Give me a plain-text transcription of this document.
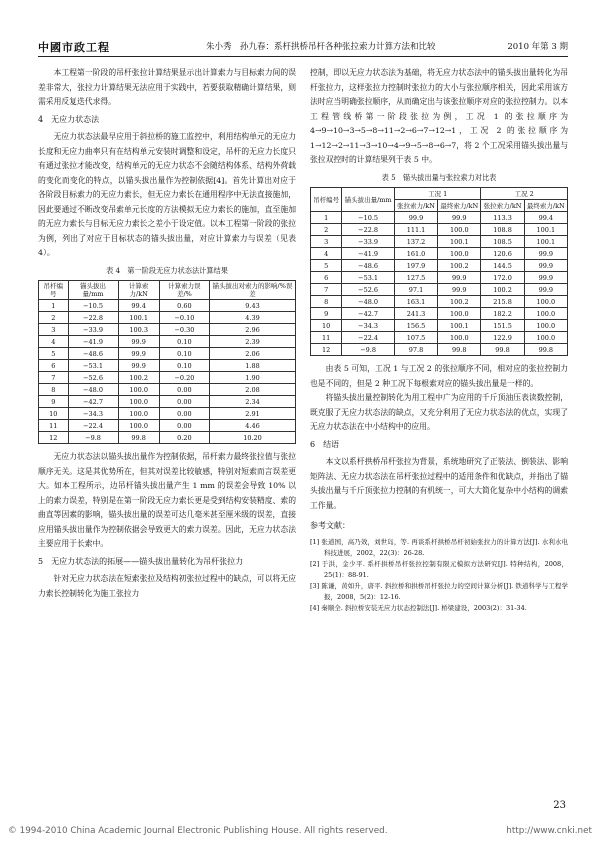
中國市政工程	朱小秀　孙九春：系杆拱桥吊杆各种张拉索力计算方法和比较	2010 年第 3 期

本工程第一阶段的吊杆张拉计算结果显示出计算索力与目标索力间的误差非常大，张拉力计算结果无法应用于实践中，若要获取精确计算结果，则需采用反复迭代求得。

4　无应力状态法

无应力状态法最早应用于斜拉桥的施工监控中，利用结构单元的无应力长度和无应力曲率只有在结构单元安装时调整和设定，吊杆的无应力长度只有通过张拉才能改变，结构单元的无应力状态不会随结构体系、结构外荷载的变化而变化的特点，以锚头拔出量作为控制依据[4]。首先计算出对应于各阶段目标索力的无应力索长，但无应力索长在通用程序中无法直接施加，因此要通过不断改变吊索单元长度的方法模拟无应力索长的施加，直至施加的无应力索长与目标无应力索长之差小于设定值。以本工程第一阶段的张拉为例，列出了对应于目标状态的锚头拔出量，对应计算索力与误差（见表4）。

表 4　第一阶段无应力状态法计算结果
吊杆编号	锚头拔出量/mm	计算索力/kN	计算索力误差/%	锚头拔出对索力的影响/%误差
1	−10.5	99.4	0.60	9.43
2	−22.8	100.1	−0.10	4.39
3	−33.9	100.3	−0.30	2.96
4	−41.9	99.9	0.10	2.39
5	−48.6	99.9	0.10	2.06
6	−53.1	99.9	0.10	1.88
7	−52.6	100.2	−0.20	1.90
8	−48.0	100.0	0.00	2.08
9	−42.7	100.0	0.00	2.34
10	−34.3	100.0	0.00	2.91
11	−22.4	100.0	0.00	4.46
12	−9.8	99.8	0.20	10.20

无应力状态法以锚头拔出量作为控制依据，吊杆索力最终张拉值与张拉顺序无关。这是其优势所在，但其对误差比较敏感，特别对短索而言误差更大。如本工程所示，边吊杆锚头拔出量产生 1 mm 的误差会导致 10% 以上的索力误差，特别是在第一阶段无应力索长更是受到结构安装精度、索的曲直等因素的影响，锚头拔出量的误差可达几毫米甚至厘米级的误差，直接应用锚头拔出量作为控制依据会导致更大的索力误差。因此，无应力状态法主要应用于长索中。

5　无应力状态法的拓展——锚头拔出量转化为吊杆张拉力

针对无应力状态法在短索张拉及结构初张拉过程中的缺点，可以将无应力索长控制转化为施工张拉力

控制，即以无应力状态法为基础，将无应力状态法中的锚头拔出量转化为吊杆张拉力，这样张拉力控制时张拉力的大小与张拉顺序相关，因此采用该方法时应当明确张拉顺序，从而确定出与该张拉顺序对应的张拉控制力。以本工程管线桥第一阶段张拉为例，工况 1 的张拉顺序为 4→9→10→3→5→8→11→2→6→7→12→1，工况 2 的张拉顺序为 1→12→2→11→3→10→4→9→5→8→6→7，将 2 个工况采用锚头拔出量与张拉双控时的计算结果列于表 5 中。

表 5　锚头拔出量与张拉索力对比表
吊杆编号	锚头拔出量/mm	工况 1		工况 2	
		张拉索力/kN	最终索力/kN	张拉索力/kN	最终索力/kN
1	−10.5	99.9	99.9	113.3	99.4
2	−22.8	111.1	100.0	108.8	100.1
3	−33.9	137.2	100.1	108.5	100.1
4	−41.9	161.0	100.0	120.6	99.9
5	−48.6	197.9	100.2	144.5	99.9
6	−53.1	127.5	99.9	172.0	99.9
7	−52.6	97.1	99.9	100.2	99.9
8	−48.0	163.1	100.2	215.8	100.0
9	−42.7	241.3	100.0	182.2	100.0
10	−34.3	156.5	100.1	151.5	100.0
11	−22.4	107.5	100.0	122.9	100.0
12	−9.8	97.8	99.8	99.8	99.8

由表 5 可知，工况 1 与工况 2 的张拉顺序不同，相对应的张拉控制力也是不同的，但是 2 种工况下每根索对应的锚头拔出量是一样的。

将锚头拔出量控制转化为用工程中广为应用的千斤顶油压表读数控制，既克服了无应力状态法的缺点，又充分利用了无应力状态法的优点，实现了无应力状态法在中小结构中的应用。

6　结语

本文以系杆拱桥吊杆张拉为背景，系统地研究了正装法、倒装法、影响矩阵法、无应力状态法在吊杆张拉过程中的适用条件和优缺点，并指出了锚头拔出量与千斤顶张拉力控制的有机统一，可大大简化复杂中小结构的调索工作量。

参考文献：
[1] 张道国，高乃效，刘世岛，等. 再谈系杆拱桥吊杆初始张拉力的计算方法[J]. 水利水电科技进展，2002，22(3)：26-28.
[2] 于洪，金少平. 系杆拱桥吊杆张拉控制有限元模拟方法研究[J]. 特种结构，2008，25(1)：88-91.
[3] 陈谦，黄如升，唐平. 斜拉桥和拱桥吊杆张拉力的空间计算分析[J]. 铁道科学与工程学报，2008，5(2)：12-16.
[4] 秦顺全. 斜拉桥安装无应力状态控制法[J]. 桥梁建设，2003(2)：31-34.
23
© 1994-2010 China Academic Journal Electronic Publishing House. All rights reserved.	http://www.cnki.net
